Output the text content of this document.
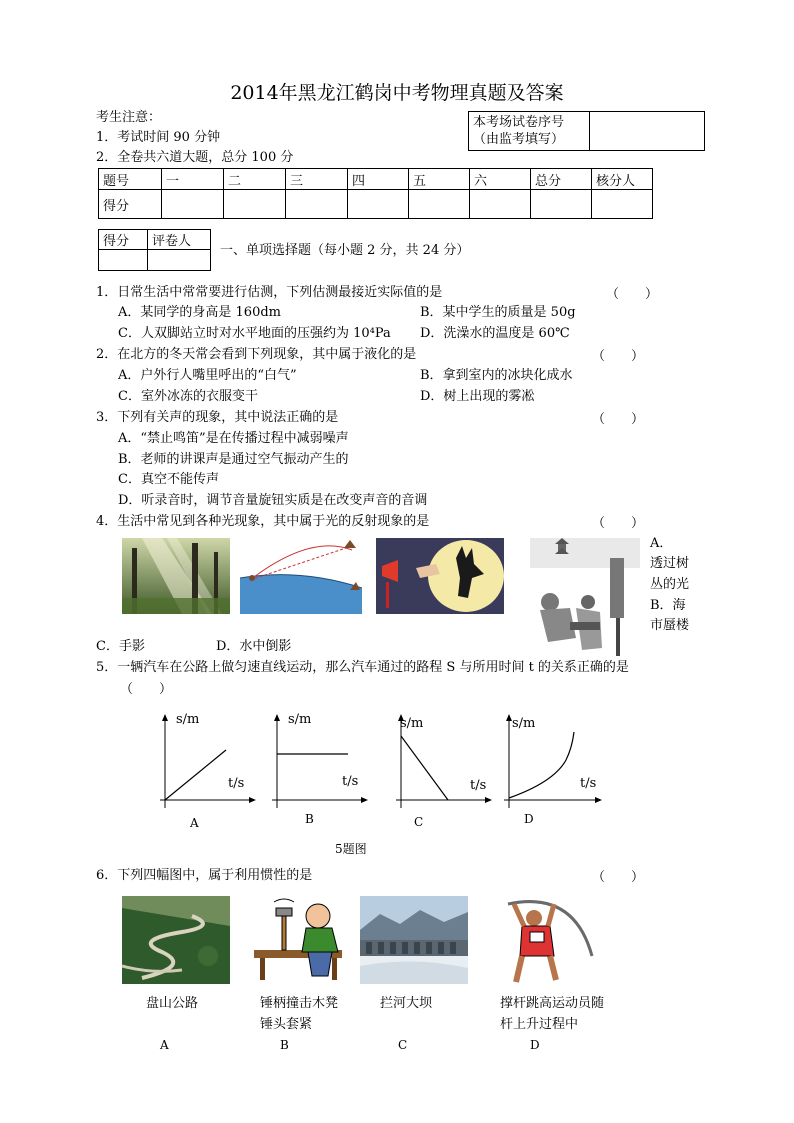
2014年黑龙江鹤岗中考物理真题及答案
考生注意：
1．考试时间 90 分钟
2．全卷共六道大题，总分 100 分
本考场试卷序号
（由监考填写）

题号	一	二	三	四	五	六	总分	核分人
得分								
得分	评卷人

一、单项选择题（每小题 2 分，共 24 分）
1．日常生活中常常要进行估测，下列估测最接近实际值的是	（　　）
A．某同学的身高是 160dm	B．某中学生的质量是 50g
C．人双脚站立时对水平地面的压强约为 10⁴Pa D．洗澡水的温度是 60℃
2．在北方的冬天常会看到下列现象，其中属于液化的是	（　　）
A．户外行人嘴里呼出的“白气”	B．拿到室内的冰块化成水
C．室外冰冻的衣服变干	D．树上出现的雾凇
3．下列有关声的现象，其中说法正确的是	（　　）
A．“禁止鸣笛”是在传播过程中减弱噪声
B．老师的讲课声是通过空气振动产生的
C．真空不能传声
D．听录音时，调节音量旋钮实质是在改变声音的音调
4．生活中常见到各种光现象，其中属于光的反射现象的是	（　　）
A．
透过树
丛的光
B．海
市蜃楼
C．手影	D．水中倒影
5．一辆汽车在公路上做匀速直线运动，那么汽车通过的路程 S 与所用时间 t 的关系正确的是
（　　）
s/m
t/s
A
s/m
t/s
B
s/m
t/s
C
s/m
t/s
D
5题图
6．下列四幅图中，属于利用惯性的是	（　　）
盘山公路
A
锤柄撞击木凳
锤头套紧
B
拦河大坝
C
撑杆跳高运动员随
杆上升过程中
D
